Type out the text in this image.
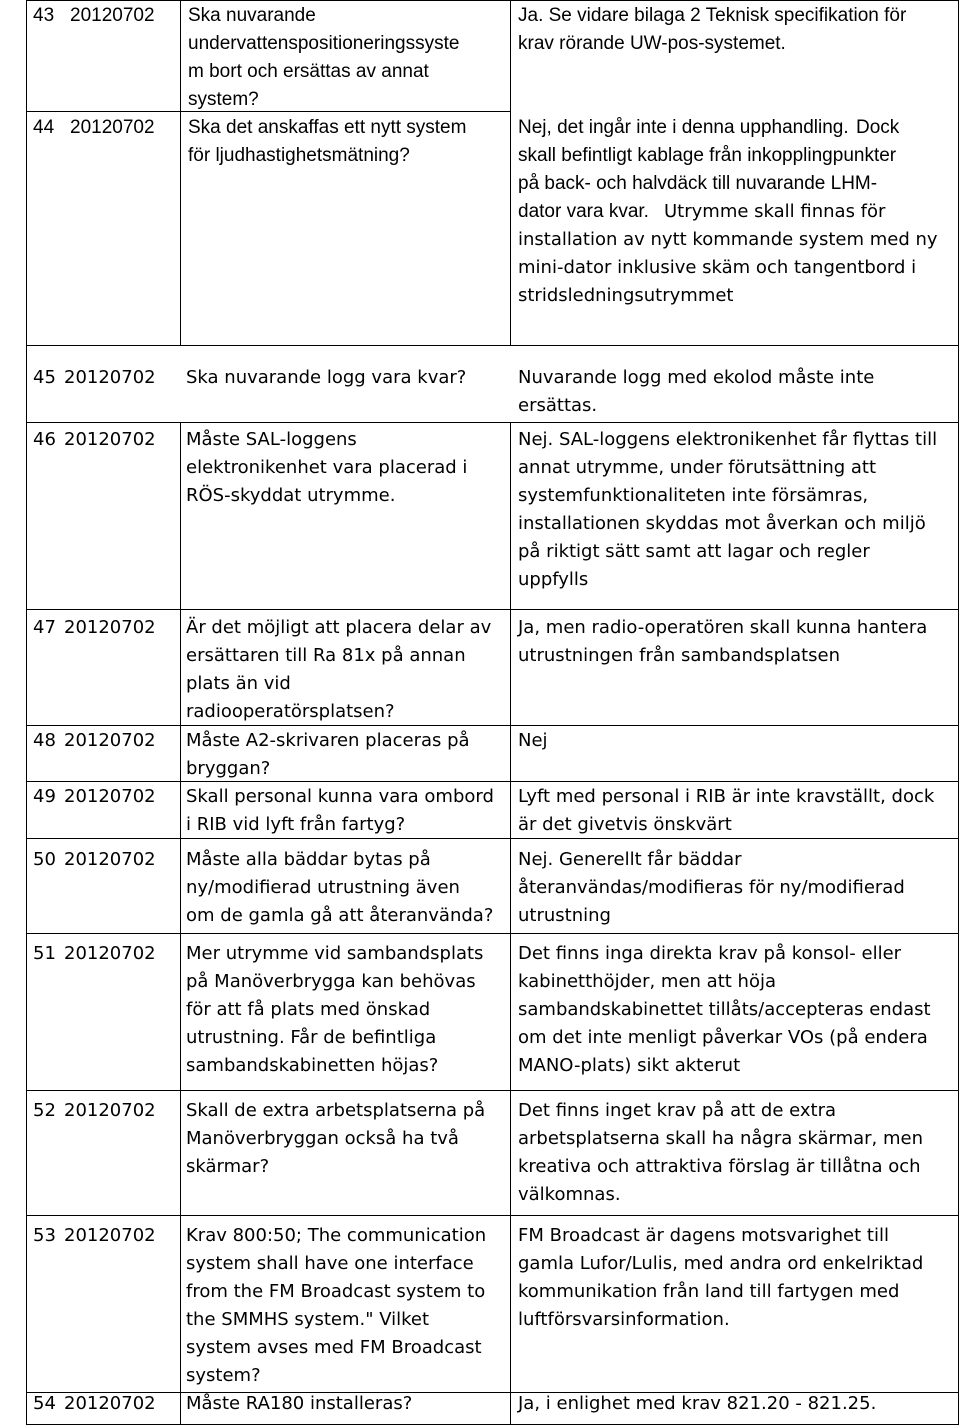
43 20120702 Ska nuvarande
undervattenspositioneringssyste
m bort och ersättas av annat
system?
Ja. Se vidare bilaga 2 Teknisk specifikation för
krav rörande UW-pos-systemet.
44 20120702 Ska det anskaffas ett nytt system
för ljudhastighetsmätning?

Nej, det ingår inte i denna upphandling. Dock
skall befintligt kablage från inkopplingpunkter
på back- och halvdäck till nuvarande LHM-
dator vara kvar. Utrymme skall finnas för

installation av nytt kommande system med ny
mini-dator inklusive skäm och tangentbord i
stridsledningsutrymmet

45 20120702 Ska nuvarande logg vara kvar?	Nuvarande logg med ekolod måste inte
ersättas.
46 20120702 Måste SAL-loggens
elektronikenhet vara placerad i
RÖS-skyddat utrymme.
Nej. SAL-loggens elektronikenhet får flyttas till
annat utrymme, under förutsättning att
systemfunktionaliteten inte försämras,
installationen skyddas mot åverkan och miljö
på riktigt sätt samt att lagar och regler
uppfylls
47 20120702 Är det möjligt att placera delar av
ersättaren till Ra 81x på annan
plats än vid
radiooperatörsplatsen?
Ja, men radio-operatören skall kunna hantera
utrustningen från sambandsplatsen
48 20120702 Måste A2-skrivaren placeras på
bryggan?
Nej
49 20120702 Skall personal kunna vara ombord
i RIB vid lyft från fartyg?
Lyft med personal i RIB är inte kravställt, dock
är det givetvis önskvärt
50 20120702 Måste alla bäddar bytas på
ny/modifierad utrustning även
om de gamla gå att återanvända?
Nej. Generellt får bäddar
återanvändas/modifieras för ny/modifierad
utrustning
51 20120702 Mer utrymme vid sambandsplats
på Manöverbrygga kan behövas
för att få plats med önskad
utrustning. Får de befintliga
sambandskabinetten höjas?
Det finns inga direkta krav på konsol- eller
kabinetthöjder, men att höja
sambandskabinettet tillåts/accepteras endast
om det inte menligt påverkar VOs (på endera
MANO-plats) sikt akterut
52 20120702 Skall de extra arbetsplatserna på
Manöverbryggan också ha två
skärmar?
Det finns inget krav på att de extra
arbetsplatserna skall ha några skärmar, men
kreativa och attraktiva förslag är tillåtna och
välkomnas.
53 20120702 Krav 800:50; The communication
system shall have one interface
from the FM Broadcast system to
the SMMHS system." Vilket
system avses med FM Broadcast
system?
FM Broadcast är dagens motsvarighet till
gamla Lufor/Lulis, med andra ord enkelriktad
kommunikation från land till fartygen med
luftförsvarsinformation.
54 20120702 Måste RA180 installeras?	Ja, i enlighet med krav 821.20 - 821.25.
